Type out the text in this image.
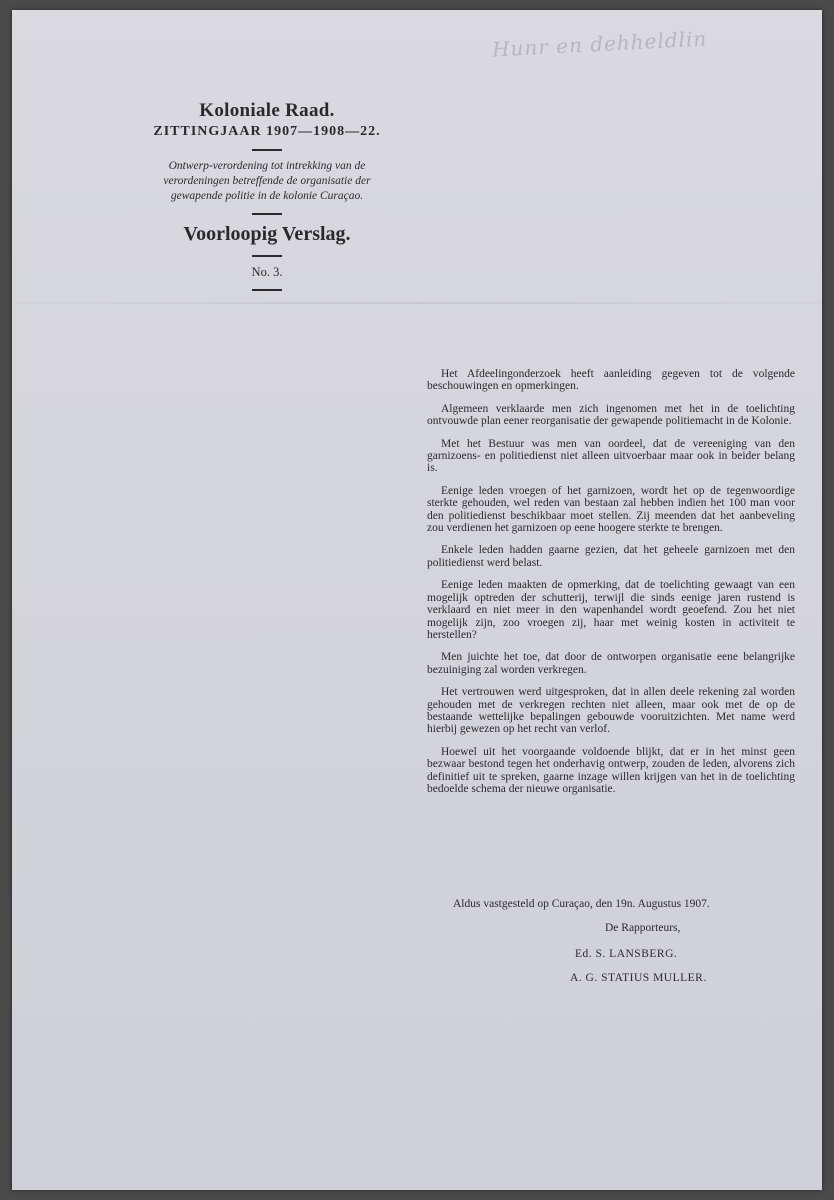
Hunr en dehheldlin

Koloniale Raad.

ZITTINGJAAR 1907—1908—22.

Ontwerp-verordening tot intrekking van de verordeningen betreffende de organisatie der gewapende politie in de kolonie Curaçao.

Voorloopig Verslag.

No. 3.

Het Afdeelingonderzoek heeft aanleiding gegeven tot de volgende beschouwingen en opmerkingen.

Algemeen verklaarde men zich ingenomen met het in de toelichting ontvouwde plan eener reorganisatie der gewapende politiemacht in de Kolonie.

Met het Bestuur was men van oordeel, dat de vereeniging van den garnizoens- en politiedienst niet alleen uitvoerbaar maar ook in beider belang is.

Eenige leden vroegen of het garnizoen, wordt het op de tegenwoordige sterkte gehouden, wel reden van bestaan zal hebben indien het 100 man voor den politiedienst beschikbaar moet stellen. Zij meenden dat het aanbeveling zou verdienen het garnizoen op eene hoogere sterkte te brengen.

Enkele leden hadden gaarne gezien, dat het geheele garnizoen met den politiedienst werd belast.

Eenige leden maakten de opmerking, dat de toelichting gewaagt van een mogelijk optreden der schutterij, terwijl die sinds eenige jaren rustend is verklaard en niet meer in den wapenhandel wordt geoefend. Zou het niet mogelijk zijn, zoo vroegen zij, haar met weinig kosten in activiteit te herstellen?

Men juichte het toe, dat door de ontworpen organisatie eene belangrijke bezuiniging zal worden verkregen.

Het vertrouwen werd uitgesproken, dat in allen deele rekening zal worden gehouden met de verkregen rechten niet alleen, maar ook met de op de bestaande wettelijke bepalingen gebouwde vooruitzichten. Met name werd hierbij gewezen op het recht van verlof.

Hoewel uit het voorgaande voldoende blijkt, dat er in het minst geen bezwaar bestond tegen het onderhavig ontwerp, zouden de leden, alvorens zich definitief uit te spreken, gaarne inzage willen krijgen van het in de toelichting bedoelde schema der nieuwe organisatie.

Aldus vastgesteld op Curaçao, den 19n. Augustus 1907.

De Rapporteurs,

Ed. S. LANSBERG.

A. G. STATIUS MULLER.
